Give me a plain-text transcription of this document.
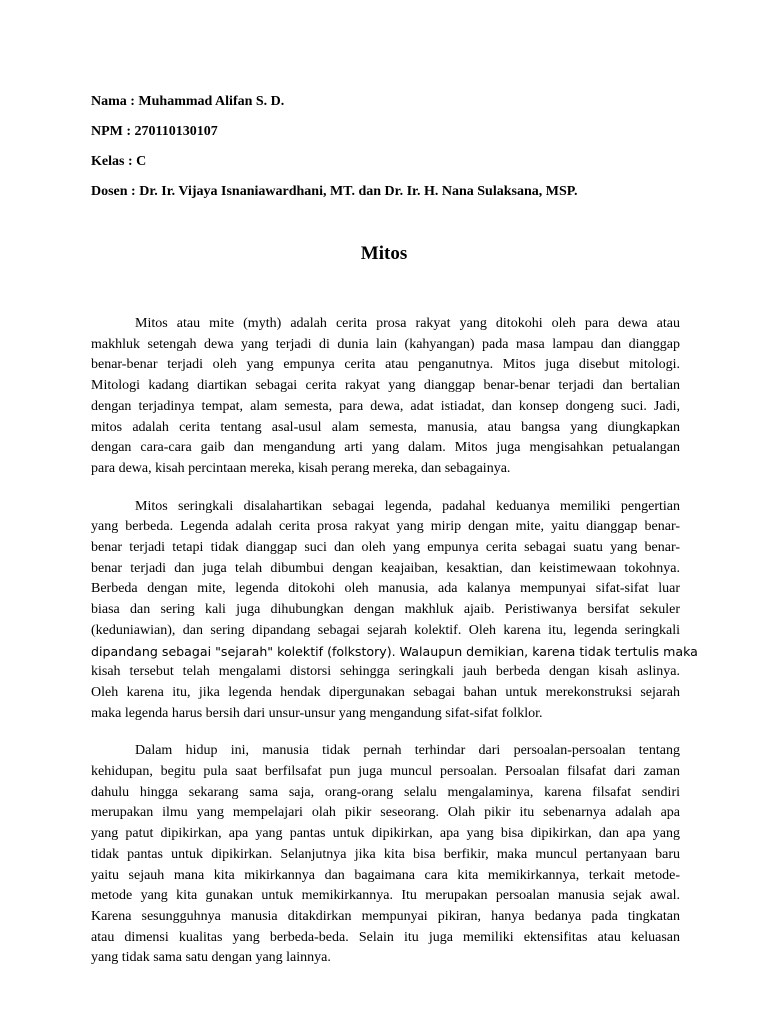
Nama : Muhammad Alifan S. D.
NPM : 270110130107
Kelas : C
Dosen : Dr. Ir. Vijaya Isnaniawardhani, MT. dan Dr. Ir. H. Nana Sulaksana, MSP.
Mitos
Mitos atau mite (myth) adalah cerita prosa rakyat yang ditokohi oleh para dewa atau
makhluk setengah dewa yang terjadi di dunia lain (kahyangan) pada masa lampau dan dianggap
benar-benar terjadi oleh yang empunya cerita atau penganutnya. Mitos juga disebut mitologi.
Mitologi kadang diartikan sebagai cerita rakyat yang dianggap benar-benar terjadi dan bertalian
dengan terjadinya tempat, alam semesta, para dewa, adat istiadat, dan konsep dongeng suci. Jadi,
mitos adalah cerita tentang asal-usul alam semesta, manusia, atau bangsa yang diungkapkan
dengan cara-cara gaib dan mengandung arti yang dalam. Mitos juga mengisahkan petualangan
para dewa, kisah percintaan mereka, kisah perang mereka, dan sebagainya.
Mitos seringkali disalahartikan sebagai legenda, padahal keduanya memiliki pengertian
yang berbeda. Legenda adalah cerita prosa rakyat yang mirip dengan mite, yaitu dianggap benar-
benar terjadi tetapi tidak dianggap suci dan oleh yang empunya cerita sebagai suatu yang benar-
benar terjadi dan juga telah dibumbui dengan keajaiban, kesaktian, dan keistimewaan tokohnya.
Berbeda dengan mite, legenda ditokohi oleh manusia, ada kalanya mempunyai sifat-sifat luar
biasa dan sering kali juga dihubungkan dengan makhluk ajaib. Peristiwanya bersifat sekuler
(keduniawian), dan sering dipandang sebagai sejarah kolektif. Oleh karena itu, legenda seringkali
dipandang sebagai "sejarah" kolektif (folkstory). Walaupun demikian, karena tidak tertulis maka
kisah tersebut telah mengalami distorsi sehingga seringkali jauh berbeda dengan kisah aslinya.
Oleh karena itu, jika legenda hendak dipergunakan sebagai bahan untuk merekonstruksi sejarah
maka legenda harus bersih dari unsur-unsur yang mengandung sifat-sifat folklor.
Dalam hidup ini, manusia tidak pernah terhindar dari persoalan-persoalan tentang
kehidupan, begitu pula saat berfilsafat pun juga muncul persoalan. Persoalan filsafat dari zaman
dahulu hingga sekarang sama saja, orang-orang selalu mengalaminya, karena filsafat sendiri
merupakan ilmu yang mempelajari olah pikir seseorang. Olah pikir itu sebenarnya adalah apa
yang patut dipikirkan, apa yang pantas untuk dipikirkan, apa yang bisa dipikirkan, dan apa yang
tidak pantas untuk dipikirkan. Selanjutnya jika kita bisa berfikir, maka muncul pertanyaan baru
yaitu sejauh mana kita mikirkannya dan bagaimana cara kita memikirkannya, terkait metode-
metode yang kita gunakan untuk memikirkannya. Itu merupakan persoalan manusia sejak awal.
Karena sesungguhnya manusia ditakdirkan mempunyai pikiran, hanya bedanya pada tingkatan
atau dimensi kualitas yang berbeda-beda. Selain itu juga memiliki ektensifitas atau keluasan
yang tidak sama satu dengan yang lainnya.
